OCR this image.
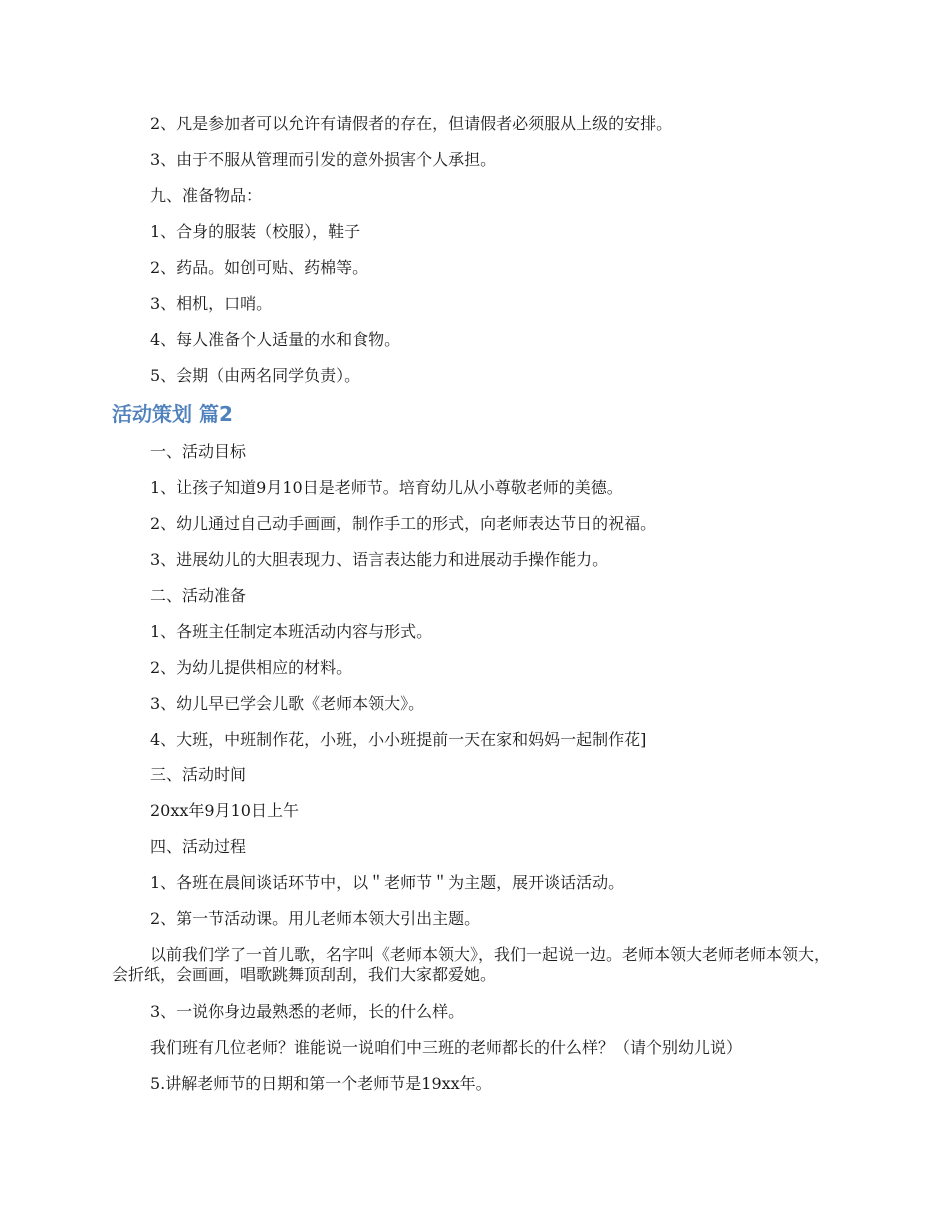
2、凡是参加者可以允许有请假者的存在，但请假者必须服从上级的安排。
3、由于不服从管理而引发的意外损害个人承担。
九、准备物品：
1、合身的服装（校服），鞋子
2、药品。如创可贴、药棉等。
3、相机，口哨。
4、每人准备个人适量的水和食物。
5、会期（由两名同学负责）。
活动策划 篇2
一、活动目标
1、让孩子知道9月10日是老师节。培育幼儿从小尊敬老师的美德。
2、幼儿通过自己动手画画，制作手工的形式，向老师表达节日的祝福。
3、进展幼儿的大胆表现力、语言表达能力和进展动手操作能力。
二、活动准备
1、各班主任制定本班活动内容与形式。
2、为幼儿提供相应的材料。
3、幼儿早已学会儿歌《老师本领大》。
4、大班，中班制作花，小班，小小班提前一天在家和妈妈一起制作花]
三、活动时间
20xx年9月10日上午
四、活动过程
1、各班在晨间谈话环节中，以＂老师节＂为主题，展开谈话活动。
2、第一节活动课。用儿老师本领大引出主题。
以前我们学了一首儿歌，名字叫《老师本领大》，我们一起说一边。老师本领大老师老师本领大，会折纸，会画画，唱歌跳舞顶刮刮，我们大家都爱她。
3、一说你身边最熟悉的老师，长的什么样。
我们班有几位老师？谁能说一说咱们中三班的老师都长的什么样？（请个别幼儿说）
5.讲解老师节的日期和第一个老师节是19xx年。
